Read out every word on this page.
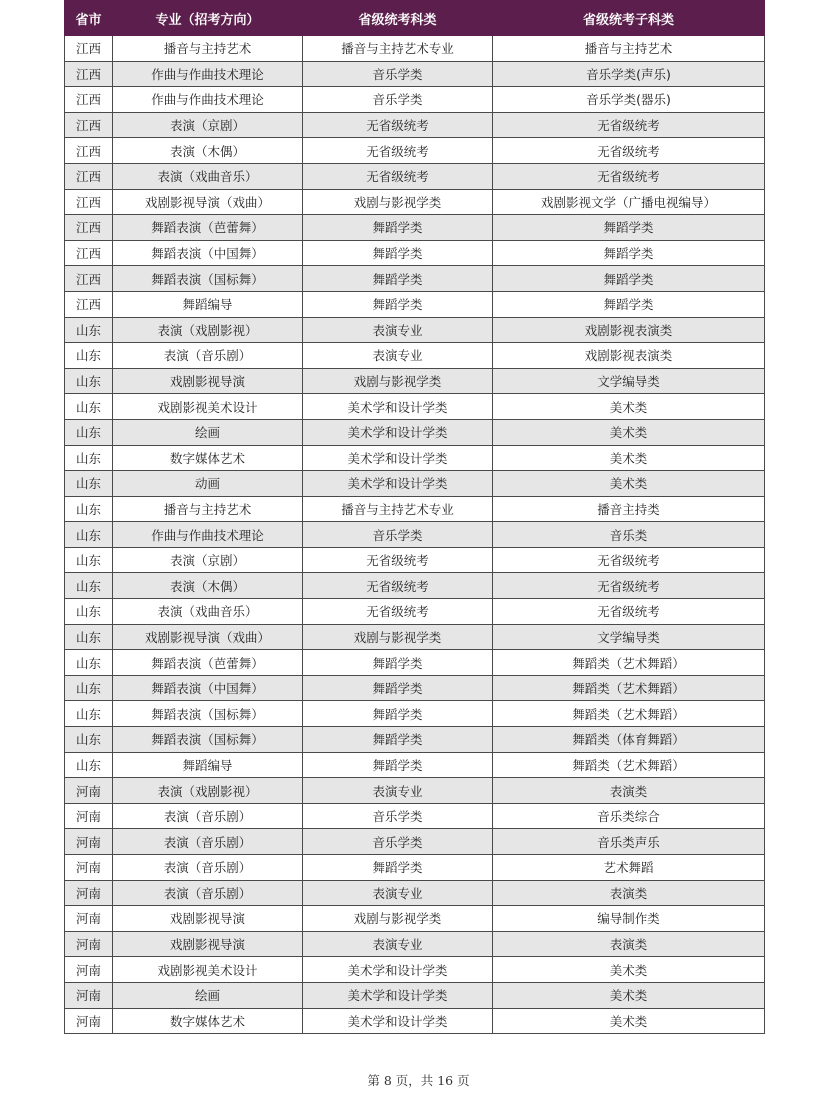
省市	专业（招考方向）	省级统考科类	省级统考子科类
江西	播音与主持艺术	播音与主持艺术专业	播音与主持艺术
江西	作曲与作曲技术理论	音乐学类	音乐学类(声乐)
江西	作曲与作曲技术理论	音乐学类	音乐学类(器乐)
江西	表演（京剧）	无省级统考	无省级统考
江西	表演（木偶）	无省级统考	无省级统考
江西	表演（戏曲音乐）	无省级统考	无省级统考
江西	戏剧影视导演（戏曲）	戏剧与影视学类	戏剧影视文学（广播电视编导）
江西	舞蹈表演（芭蕾舞）	舞蹈学类	舞蹈学类
江西	舞蹈表演（中国舞）	舞蹈学类	舞蹈学类
江西	舞蹈表演（国标舞）	舞蹈学类	舞蹈学类
江西	舞蹈编导	舞蹈学类	舞蹈学类
山东	表演（戏剧影视）	表演专业	戏剧影视表演类
山东	表演（音乐剧）	表演专业	戏剧影视表演类
山东	戏剧影视导演	戏剧与影视学类	文学编导类
山东	戏剧影视美术设计	美术学和设计学类	美术类
山东	绘画	美术学和设计学类	美术类
山东	数字媒体艺术	美术学和设计学类	美术类
山东	动画	美术学和设计学类	美术类
山东	播音与主持艺术	播音与主持艺术专业	播音主持类
山东	作曲与作曲技术理论	音乐学类	音乐类
山东	表演（京剧）	无省级统考	无省级统考
山东	表演（木偶）	无省级统考	无省级统考
山东	表演（戏曲音乐）	无省级统考	无省级统考
山东	戏剧影视导演（戏曲）	戏剧与影视学类	文学编导类
山东	舞蹈表演（芭蕾舞）	舞蹈学类	舞蹈类（艺术舞蹈）
山东	舞蹈表演（中国舞）	舞蹈学类	舞蹈类（艺术舞蹈）
山东	舞蹈表演（国标舞）	舞蹈学类	舞蹈类（艺术舞蹈）
山东	舞蹈表演（国标舞）	舞蹈学类	舞蹈类（体育舞蹈）
山东	舞蹈编导	舞蹈学类	舞蹈类（艺术舞蹈）
河南	表演（戏剧影视）	表演专业	表演类
河南	表演（音乐剧）	音乐学类	音乐类综合
河南	表演（音乐剧）	音乐学类	音乐类声乐
河南	表演（音乐剧）	舞蹈学类	艺术舞蹈
河南	表演（音乐剧）	表演专业	表演类
河南	戏剧影视导演	戏剧与影视学类	编导制作类
河南	戏剧影视导演	表演专业	表演类
河南	戏剧影视美术设计	美术学和设计学类	美术类
河南	绘画	美术学和设计学类	美术类
河南	数字媒体艺术	美术学和设计学类	美术类
第 8 页，共 16 页
